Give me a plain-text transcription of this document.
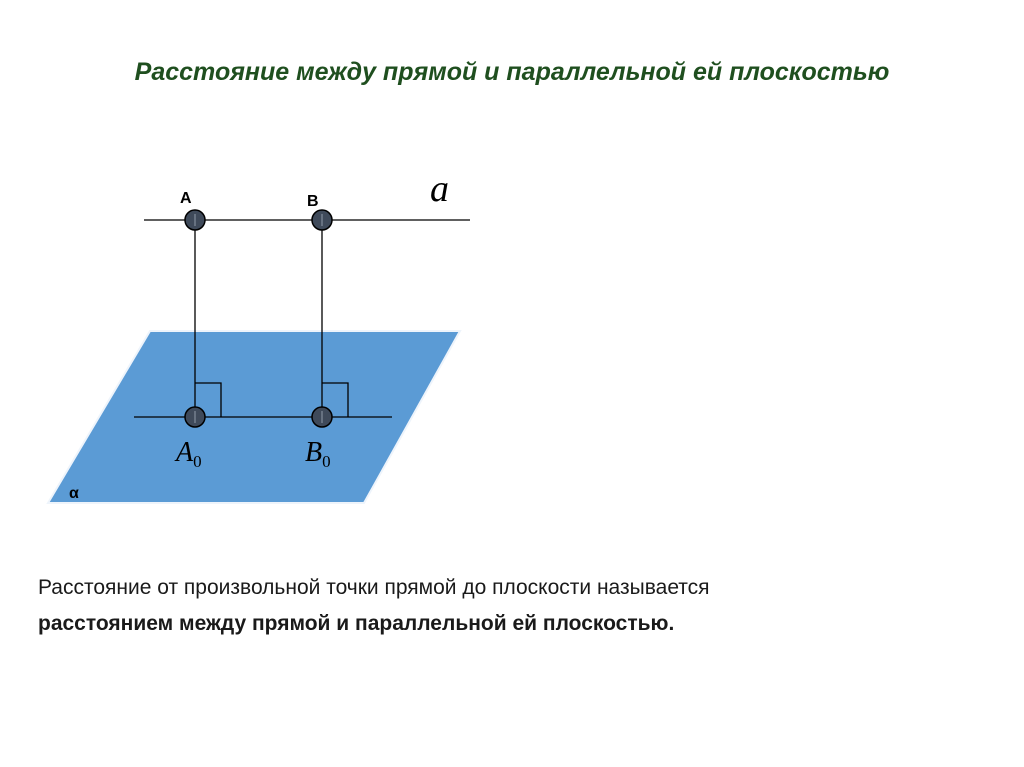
Расстояние между прямой и параллельной ей плоскостью
A	B	a
$A_0$	$B_0$
α
Расстояние от произвольной точки прямой до плоскости называется
расстоянием между прямой и параллельной ей плоскостью.
